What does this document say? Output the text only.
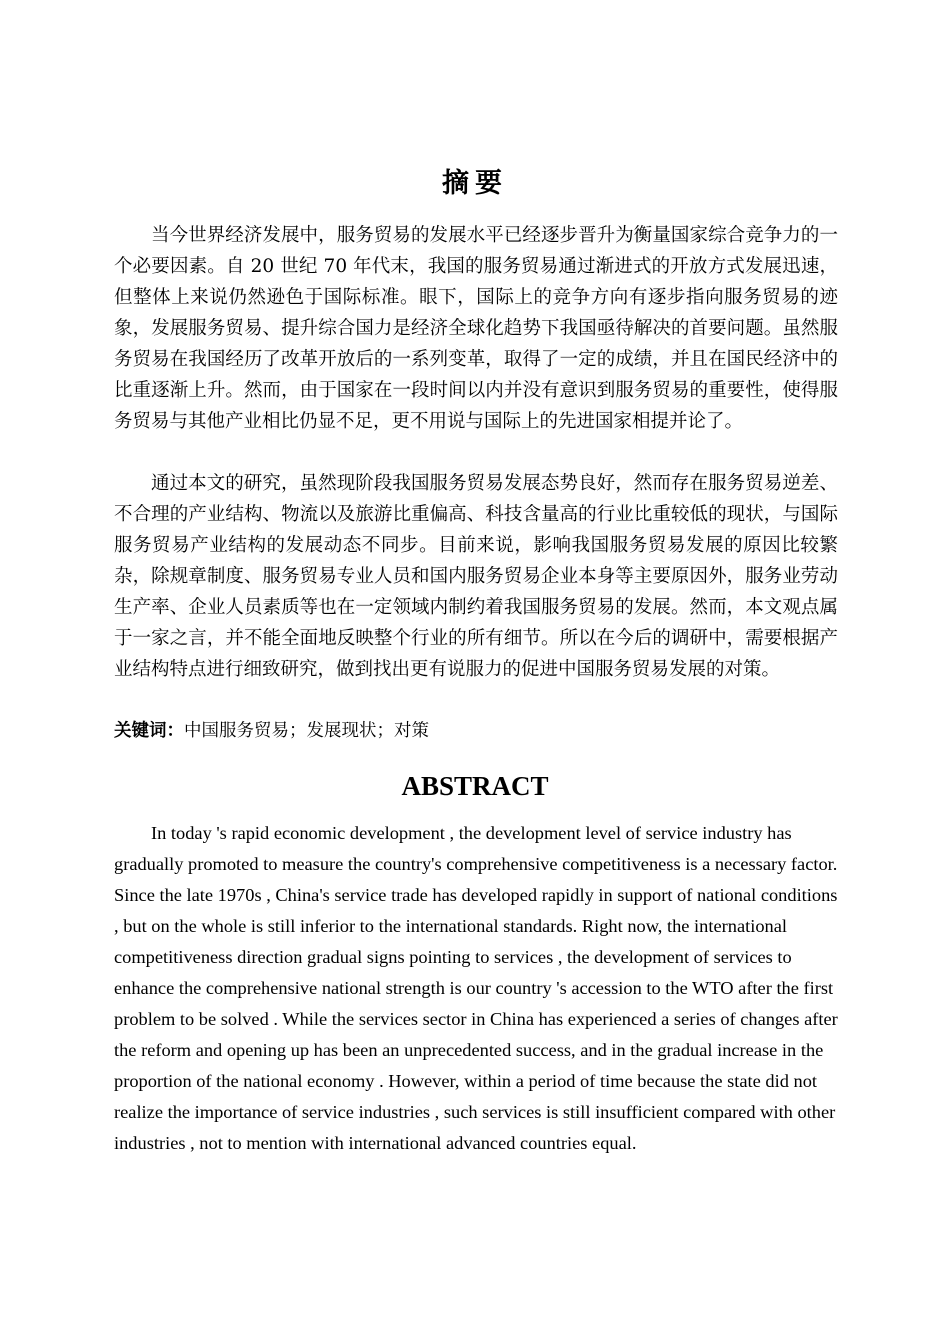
摘要

当今世界经济发展中，服务贸易的发展水平已经逐步晋升为衡量国家综合竞争力的一个必要因素。自 20 世纪 70 年代末，我国的服务贸易通过渐进式的开放方式发展迅速，但整体上来说仍然逊色于国际标准。眼下，国际上的竞争方向有逐步指向服务贸易的迹象，发展服务贸易、提升综合国力是经济全球化趋势下我国亟待解决的首要问题。虽然服务贸易在我国经历了改革开放后的一系列变革，取得了一定的成绩，并且在国民经济中的比重逐渐上升。然而，由于国家在一段时间以内并没有意识到服务贸易的重要性，使得服务贸易与其他产业相比仍显不足，更不用说与国际上的先进国家相提并论了。

通过本文的研究，虽然现阶段我国服务贸易发展态势良好，然而存在服务贸易逆差、不合理的产业结构、物流以及旅游比重偏高、科技含量高的行业比重较低的现状，与国际服务贸易产业结构的发展动态不同步。目前来说，影响我国服务贸易发展的原因比较繁杂，除规章制度、服务贸易专业人员和国内服务贸易企业本身等主要原因外，服务业劳动生产率、企业人员素质等也在一定领域内制约着我国服务贸易的发展。然而，本文观点属于一家之言，并不能全面地反映整个行业的所有细节。所以在今后的调研中，需要根据产业结构特点进行细致研究，做到找出更有说服力的促进中国服务贸易发展的对策。

关键词：中国服务贸易；发展现状；对策
ABSTRACT

In today 's rapid economic development , the development level of service industry has gradually promoted to measure the country's comprehensive competitiveness is a necessary factor. Since the late 1970s , China's service trade has developed rapidly in support of national conditions , but on the whole is still inferior to the international standards. Right now, the international competitiveness direction gradual signs pointing to services , the development of services to enhance the comprehensive national strength is our country 's accession to the WTO after the first problem to be solved . While the services sector in China has experienced a series of changes after the reform and opening up has been an unprecedented success, and in the gradual increase in the proportion of the national economy . However, within a period of time because the state did not realize the importance of service industries , such services is still insufficient compared with other industries , not to mention with international advanced countries equal.
